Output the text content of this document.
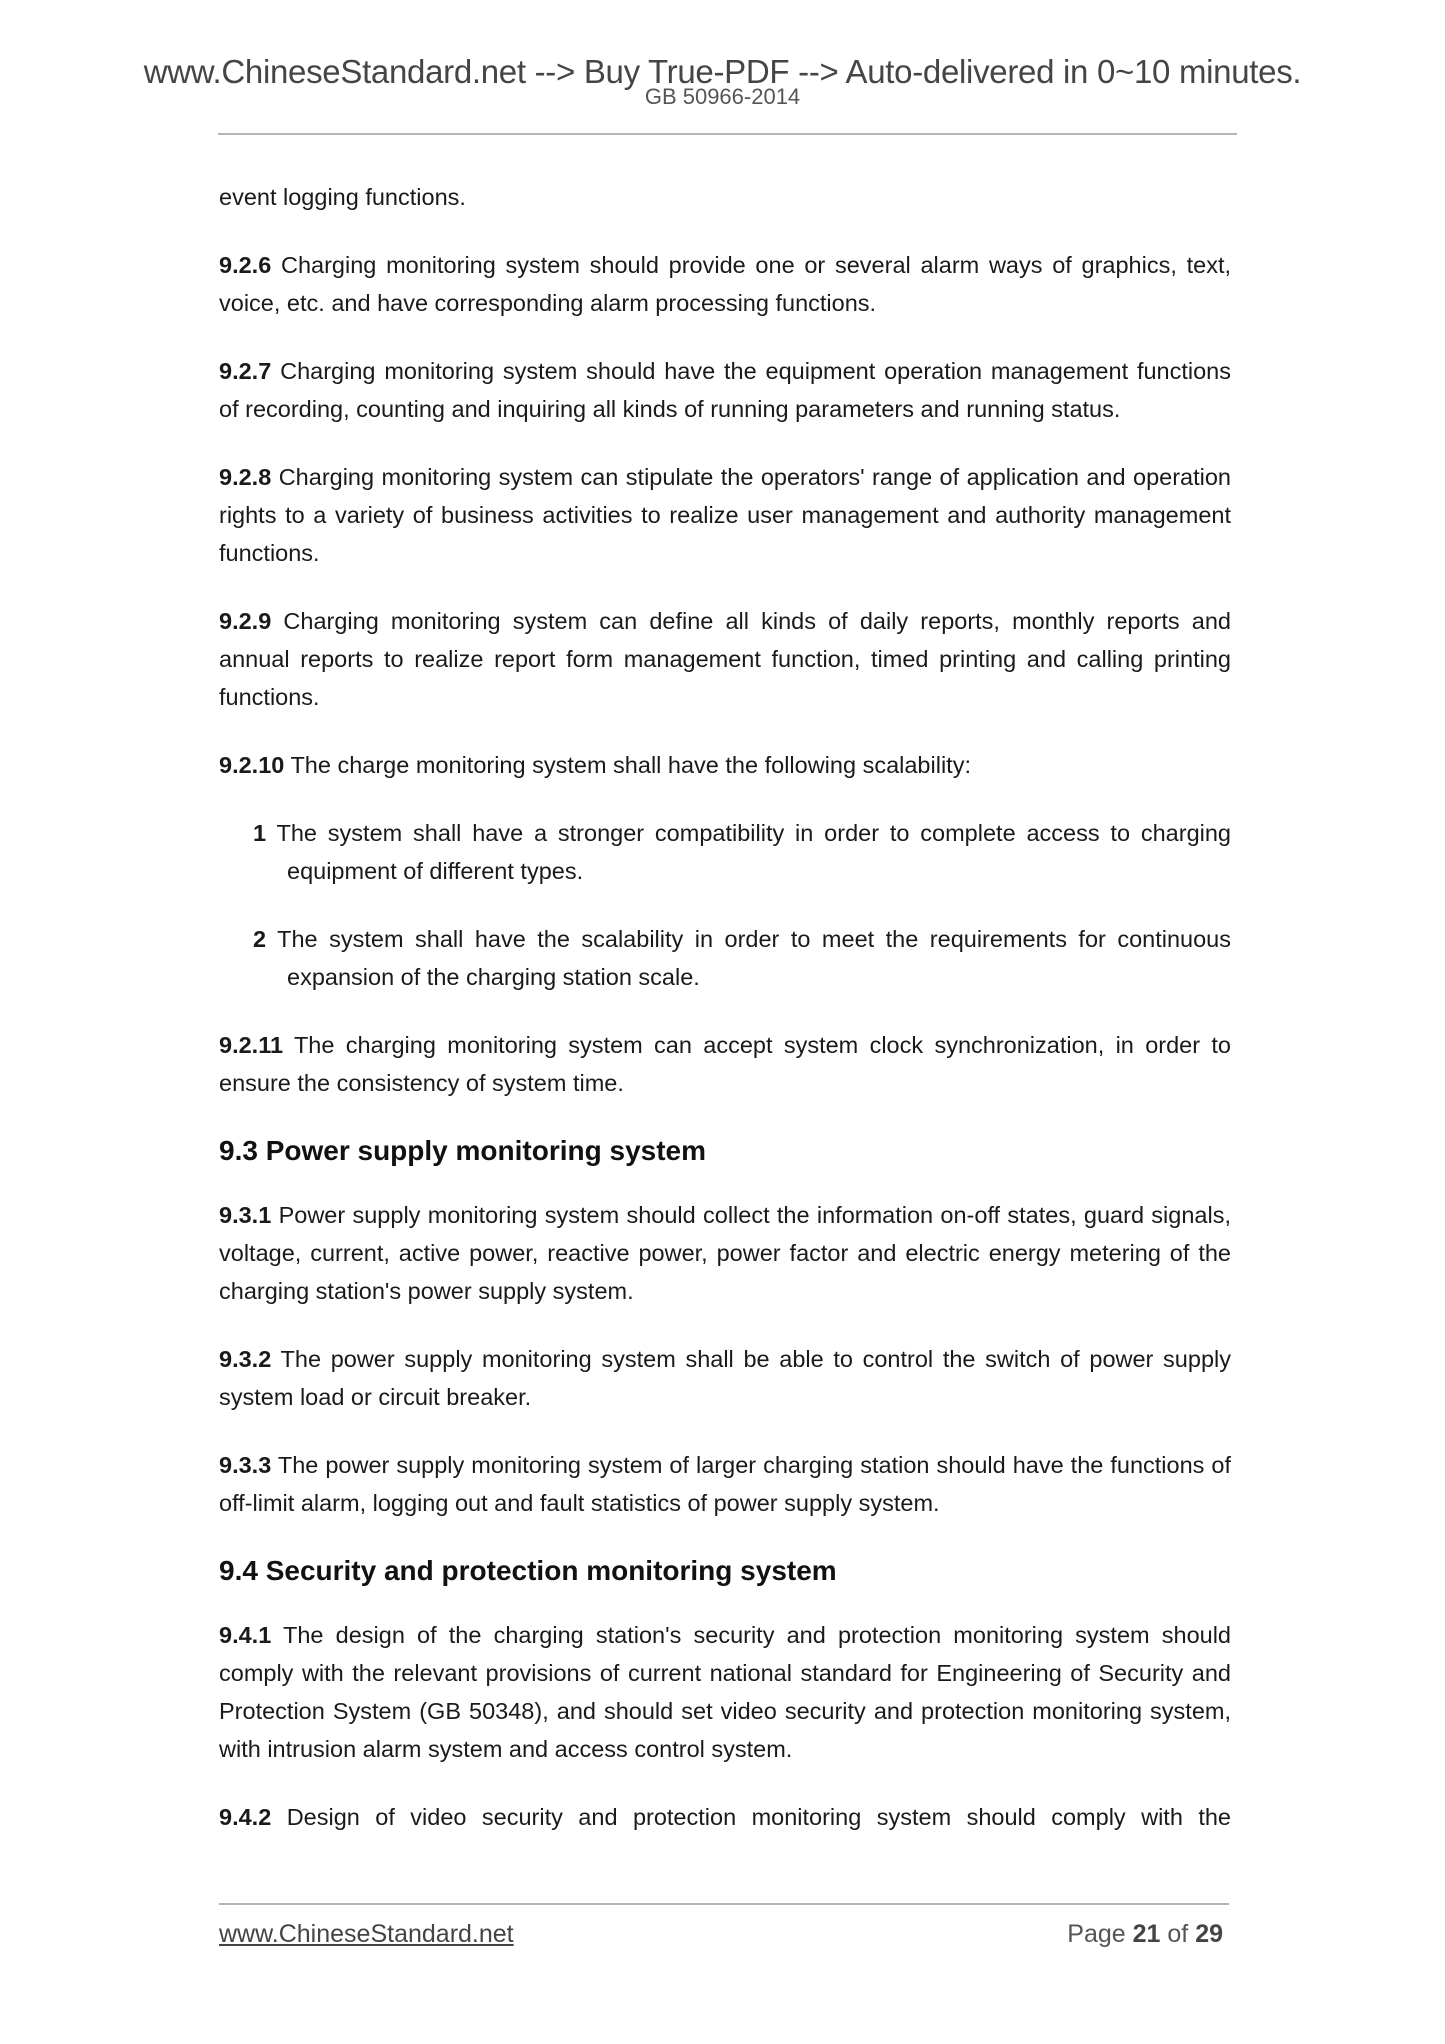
www.ChineseStandard.net --> Buy True-PDF --> Auto-delivered in 0~10 minutes.
GB 50966-2014

event logging functions.

9.2.6 Charging monitoring system should provide one or several alarm ways of graphics, text, voice, etc. and have corresponding alarm processing functions.

9.2.7 Charging monitoring system should have the equipment operation management functions of recording, counting and inquiring all kinds of running parameters and running status.

9.2.8 Charging monitoring system can stipulate the operators' range of application and operation rights to a variety of business activities to realize user management and authority management functions.

9.2.9 Charging monitoring system can define all kinds of daily reports, monthly reports and annual reports to realize report form management function, timed printing and calling printing functions.

9.2.10 The charge monitoring system shall have the following scalability:

1 The system shall have a stronger compatibility in order to complete access to charging equipment of different types.

2 The system shall have the scalability in order to meet the requirements for continuous expansion of the charging station scale.

9.2.11 The charging monitoring system can accept system clock synchronization, in order to ensure the consistency of system time.

9.3 Power supply monitoring system

9.3.1 Power supply monitoring system should collect the information on-off states, guard signals, voltage, current, active power, reactive power, power factor and electric energy metering of the charging station's power supply system.

9.3.2 The power supply monitoring system shall be able to control the switch of power supply system load or circuit breaker.

9.3.3 The power supply monitoring system of larger charging station should have the functions of off-limit alarm, logging out and fault statistics of power supply system.

9.4 Security and protection monitoring system

9.4.1 The design of the charging station's security and protection monitoring system should comply with the relevant provisions of current national standard for Engineering of Security and Protection System (GB 50348), and should set video security and protection monitoring system, with intrusion alarm system and access control system.

9.4.2 Design of video security and protection monitoring system should comply with the

www.ChineseStandard.net	Page 21 of 29
